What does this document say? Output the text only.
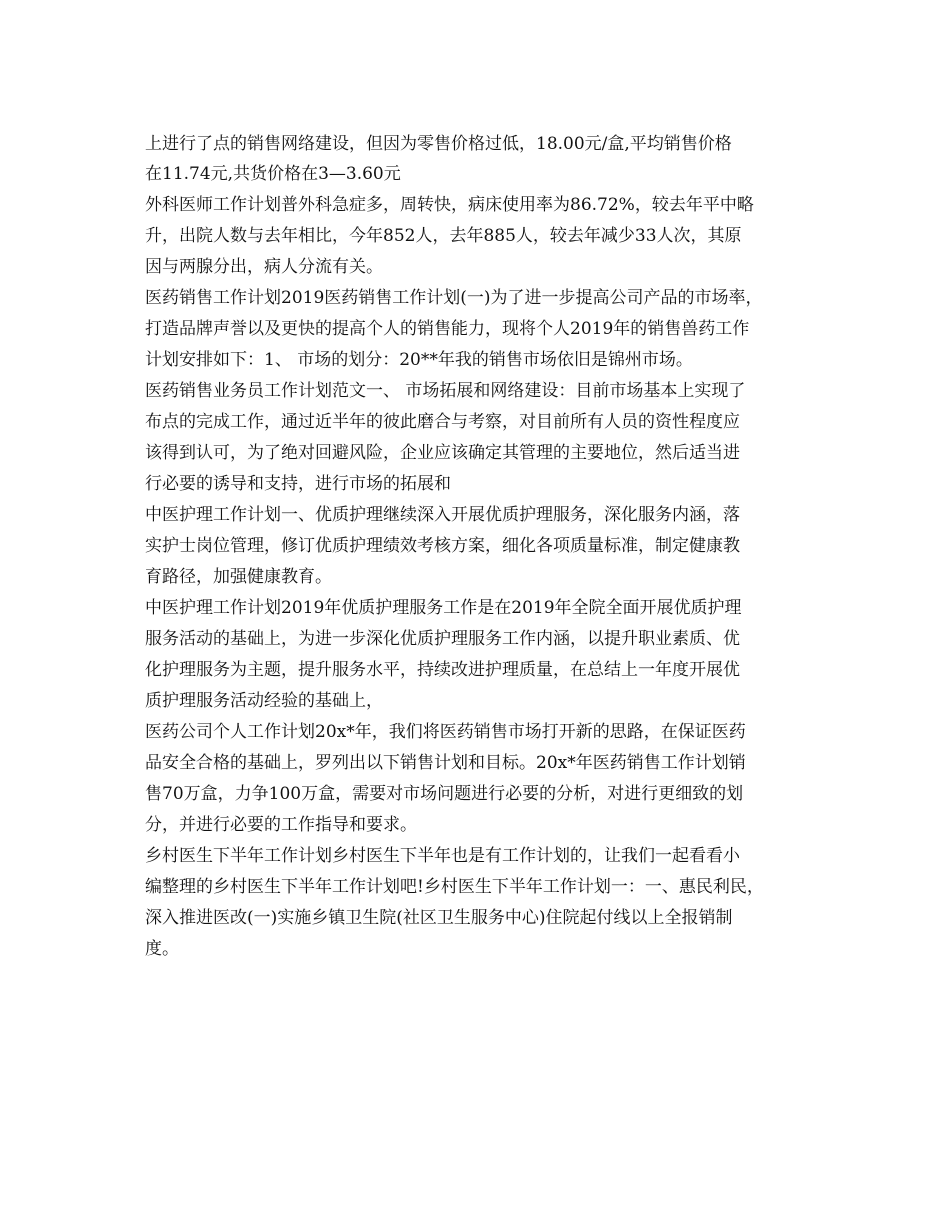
上进行了点的销售网络建设，但因为零售价格过低，18.00元/盒,平均销售价格
在11.74元,共货价格在3—3.60元
外科医师工作计划普外科急症多，周转快，病床使用率为86.72%，较去年平中略
升，出院人数与去年相比，今年852人，去年885人，较去年减少33人次，其原
因与两腺分出，病人分流有关。
医药销售工作计划2019医药销售工作计划(一)为了进一步提高公司产品的市场率，
打造品牌声誉以及更快的提高个人的销售能力，现将个人2019年的销售兽药工作
计划安排如下：1、 市场的划分：20**年我的销售市场依旧是锦州市场。
医药销售业务员工作计划范文一、 市场拓展和网络建设：目前市场基本上实现了
布点的完成工作，通过近半年的彼此磨合与考察，对目前所有人员的资性程度应
该得到认可，为了绝对回避风险，企业应该确定其管理的主要地位，然后适当进
行必要的诱导和支持，进行市场的拓展和
中医护理工作计划一、优质护理继续深入开展优质护理服务，深化服务内涵，落
实护士岗位管理，修订优质护理绩效考核方案，细化各项质量标准，制定健康教
育路径，加强健康教育。
中医护理工作计划2019年优质护理服务工作是在2019年全院全面开展优质护理
服务活动的基础上，为进一步深化优质护理服务工作内涵，以提升职业素质、优
化护理服务为主题，提升服务水平，持续改进护理质量，在总结上一年度开展优
质护理服务活动经验的基础上，
医药公司个人工作计划20x*年，我们将医药销售市场打开新的思路，在保证医药
品安全合格的基础上，罗列出以下销售计划和目标。20x*年医药销售工作计划销
售70万盒，力争100万盒，需要对市场问题进行必要的分析，对进行更细致的划
分，并进行必要的工作指导和要求。
乡村医生下半年工作计划乡村医生下半年也是有工作计划的，让我们一起看看小
编整理的乡村医生下半年工作计划吧!乡村医生下半年工作计划一：一、惠民利民，
深入推进医改(一)实施乡镇卫生院(社区卫生服务中心)住院起付线以上全报销制
度。
